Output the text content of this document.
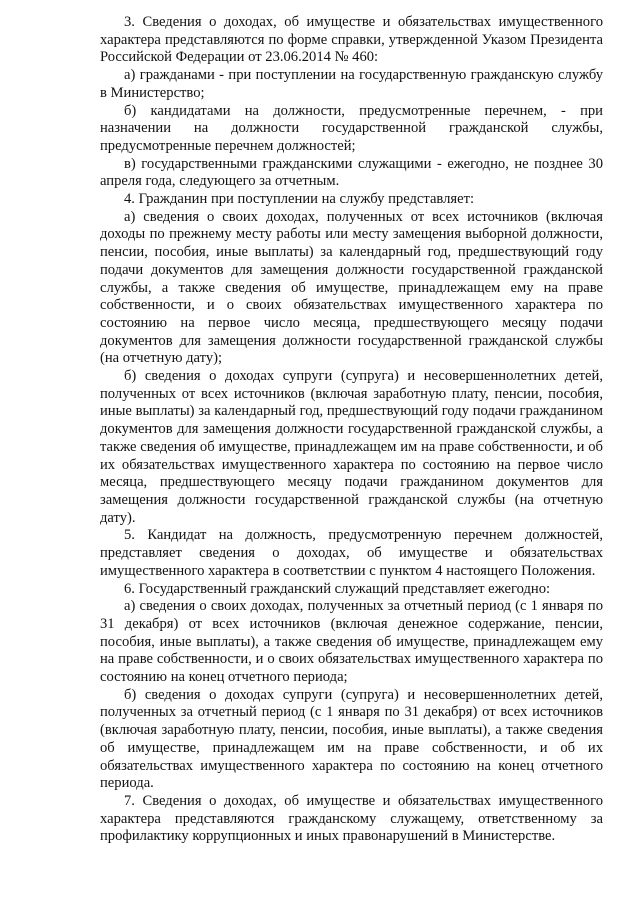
3. Сведения о доходах, об имуществе и обязательствах имущественного характера представляются по форме справки, утвержденной Указом Президента Российской Федерации от 23.06.2014 № 460:

а) гражданами - при поступлении на государственную гражданскую службу в Министерство;

б) кандидатами на должности, предусмотренные перечнем, - при назначении на должности государственной гражданской службы, предусмотренные перечнем должностей;

в) государственными гражданскими служащими - ежегодно, не позднее 30 апреля года, следующего за отчетным.

4. Гражданин при поступлении на службу представляет:

а) сведения о своих доходах, полученных от всех источников (включая доходы по прежнему месту работы или месту замещения выборной должности, пенсии, пособия, иные выплаты) за календарный год, предшествующий году подачи документов для замещения должности государственной гражданской службы, а также сведения об имуществе, принадлежащем ему на праве собственности, и о своих обязательствах имущественного характера по состоянию на первое число месяца, предшествующего месяцу подачи документов для замещения должности государственной гражданской службы (на отчетную дату);

б) сведения о доходах супруги (супруга) и несовершеннолетних детей, полученных от всех источников (включая заработную плату, пенсии, пособия, иные выплаты) за календарный год, предшествующий году подачи гражданином документов для замещения должности государственной гражданской службы, а также сведения об имуществе, принадлежащем им на праве собственности, и об их обязательствах имущественного характера по состоянию на первое число месяца, предшествующего месяцу подачи гражданином документов для замещения должности государственной гражданской службы (на отчетную дату).

5. Кандидат на должность, предусмотренную перечнем должностей, представляет сведения о доходах, об имуществе и обязательствах имущественного характера в соответствии с пунктом 4 настоящего Положения.

6. Государственный гражданский служащий представляет ежегодно:

а) сведения о своих доходах, полученных за отчетный период (с 1 января по 31 декабря) от всех источников (включая денежное содержание, пенсии, пособия, иные выплаты), а также сведения об имуществе, принадлежащем ему на праве собственности, и о своих обязательствах имущественного характера по состоянию на конец отчетного периода;

б) сведения о доходах супруги (супруга) и несовершеннолетних детей, полученных за отчетный период (с 1 января по 31 декабря) от всех источников (включая заработную плату, пенсии, пособия, иные выплаты), а также сведения об имуществе, принадлежащем им на праве собственности, и об их обязательствах имущественного характера по состоянию на конец отчетного периода.

7. Сведения о доходах, об имуществе и обязательствах имущественного характера представляются гражданскому служащему, ответственному за профилактику коррупционных и иных правонарушений в Министерстве.
